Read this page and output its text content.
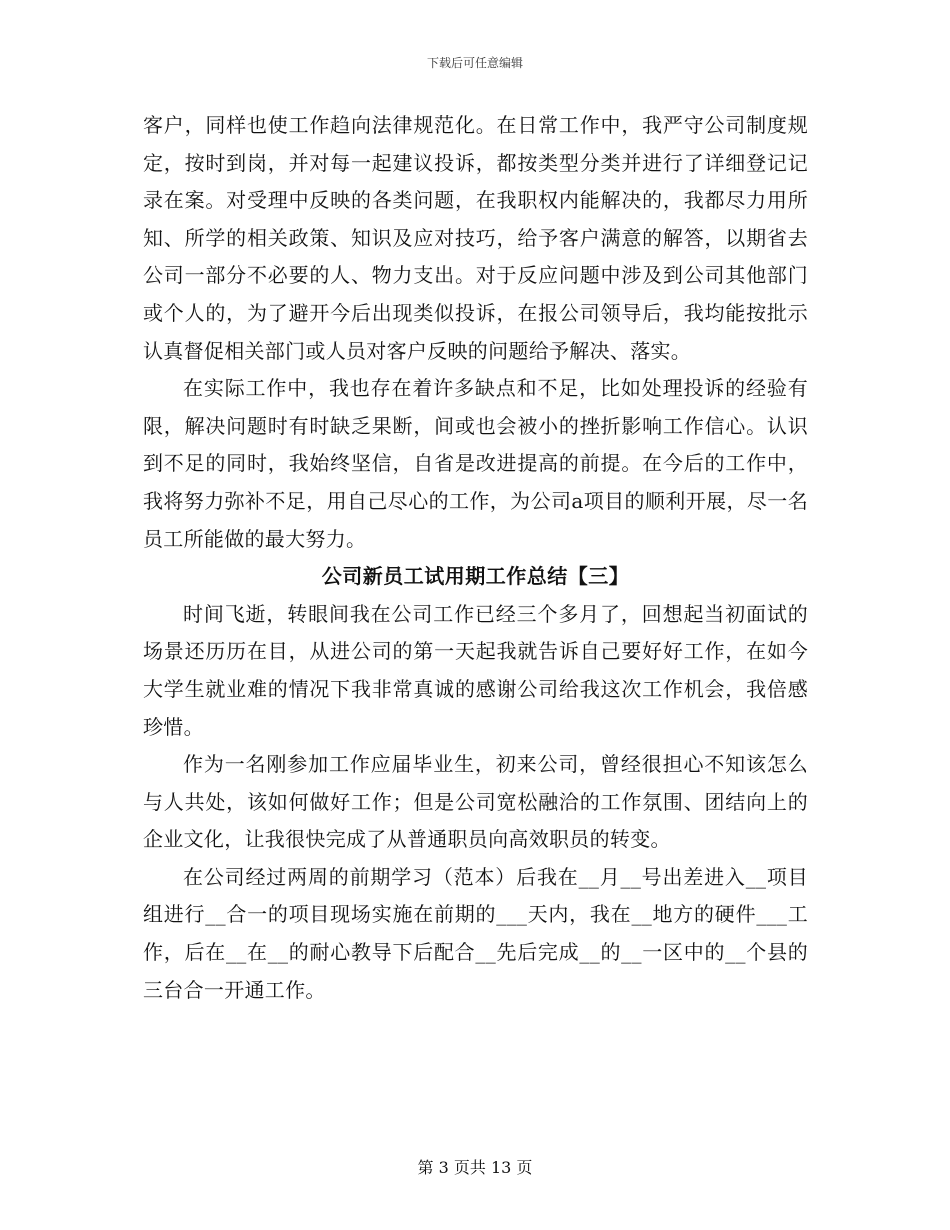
下载后可任意编辑

客户，同样也使工作趋向法律规范化。在日常工作中，我严守公司制度规定，按时到岗，并对每一起建议投诉，都按类型分类并进行了详细登记记录在案。对受理中反映的各类问题，在我职权内能解决的，我都尽力用所知、所学的相关政策、知识及应对技巧，给予客户满意的解答，以期省去公司一部分不必要的人、物力支出。对于反应问题中涉及到公司其他部门或个人的，为了避开今后出现类似投诉，在报公司领导后，我均能按批示认真督促相关部门或人员对客户反映的问题给予解决、落实。

在实际工作中，我也存在着许多缺点和不足，比如处理投诉的经验有限，解决问题时有时缺乏果断，间或也会被小的挫折影响工作信心。认识到不足的同时，我始终坚信，自省是改进提高的前提。在今后的工作中，我将努力弥补不足，用自己尽心的工作，为公司a项目的顺利开展，尽一名员工所能做的最大努力。

公司新员工试用期工作总结【三】

时间飞逝，转眼间我在公司工作已经三个多月了，回想起当初面试的场景还历历在目，从进公司的第一天起我就告诉自己要好好工作，在如今大学生就业难的情况下我非常真诚的感谢公司给我这次工作机会，我倍感珍惜。

作为一名刚参加工作应届毕业生，初来公司，曾经很担心不知该怎么与人共处，该如何做好工作；但是公司宽松融洽的工作氛围、团结向上的企业文化，让我很快完成了从普通职员向高效职员的转变。

在公司经过两周的前期学习（范本）后我在__月__号出差进入__项目组进行__合一的项目现场实施在前期的___天内，我在__地方的硬件___工作，后在__在__的耐心教导下后配合__先后完成__的__一区中的__个县的三台合一开通工作。

第 3 页共 13 页
